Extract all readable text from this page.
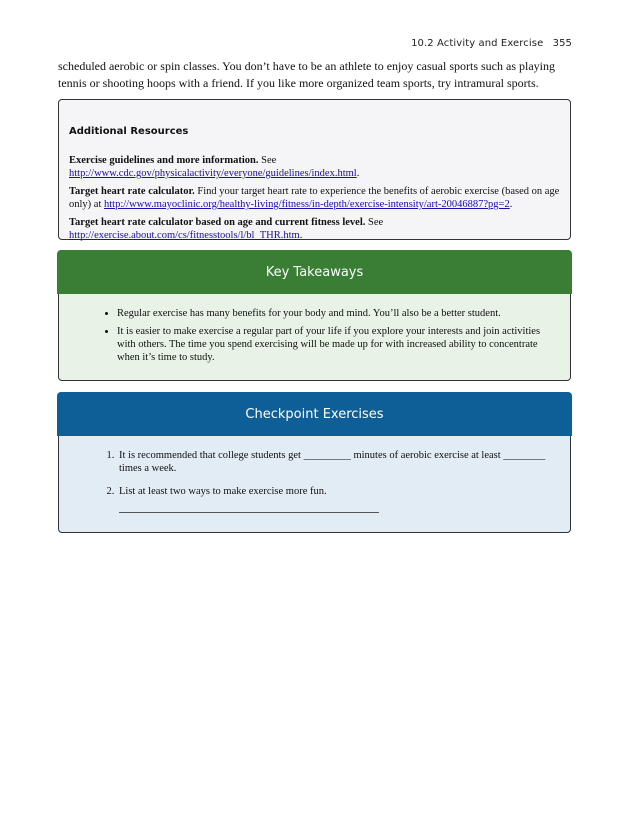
10.2 Activity and Exercise 355

scheduled aerobic or spin classes. You don’t have to be an athlete to enjoy casual sports such as playing tennis or shooting hoops with a friend. If you like more organized team sports, try intramural sports.

Additional Resources

Exercise guidelines and more information. See http://www.cdc.gov/physicalactivity/everyone/guidelines/index.html.

Target heart rate calculator. Find your target heart rate to experience the benefits of aerobic exercise (based on age only) at http://www.mayoclinic.org/healthy-living/fitness/in-depth/exercise-intensity/art-20046887?pg=2.

Target heart rate calculator based on age and current fitness level. See http://exercise.about.com/cs/fitnesstools/l/bl_THR.htm.

Key Takeaways
• Regular exercise has many benefits for your body and mind. You’ll also be a better student.
• It is easier to make exercise a regular part of your life if you explore your interests and join activities with others. The time you spend exercising will be made up for with increased ability to concentrate when it’s time to study.
Checkpoint Exercises
1. It is recommended that college students get _________ minutes of aerobic exercise at least ________ times a week.
2. List at least two ways to make exercise more fun.
